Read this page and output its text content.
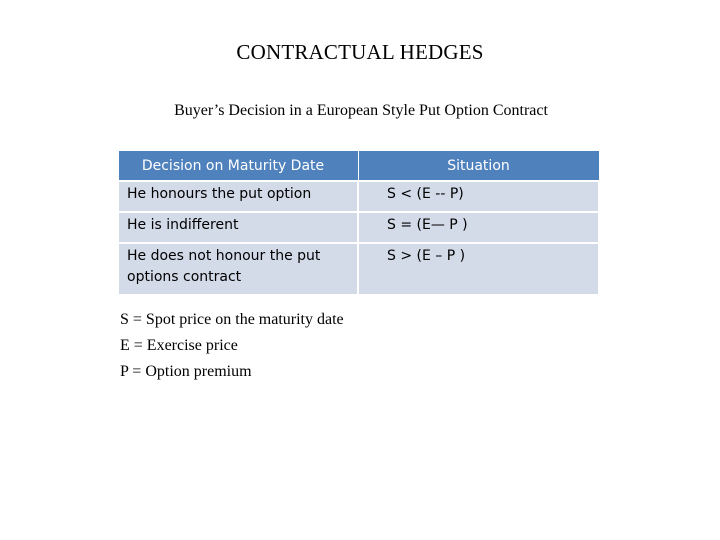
CONTRACTUAL HEDGES
Buyer’s Decision in a European Style Put Option Contract
Decision on Maturity Date	Situation
He honours the put option	S < (E -- P)
He is indifferent	S = (E— P )
He does not honour the put options contract	S > (E – P )
S = Spot price on the maturity date
E = Exercise price
P = Option premium
